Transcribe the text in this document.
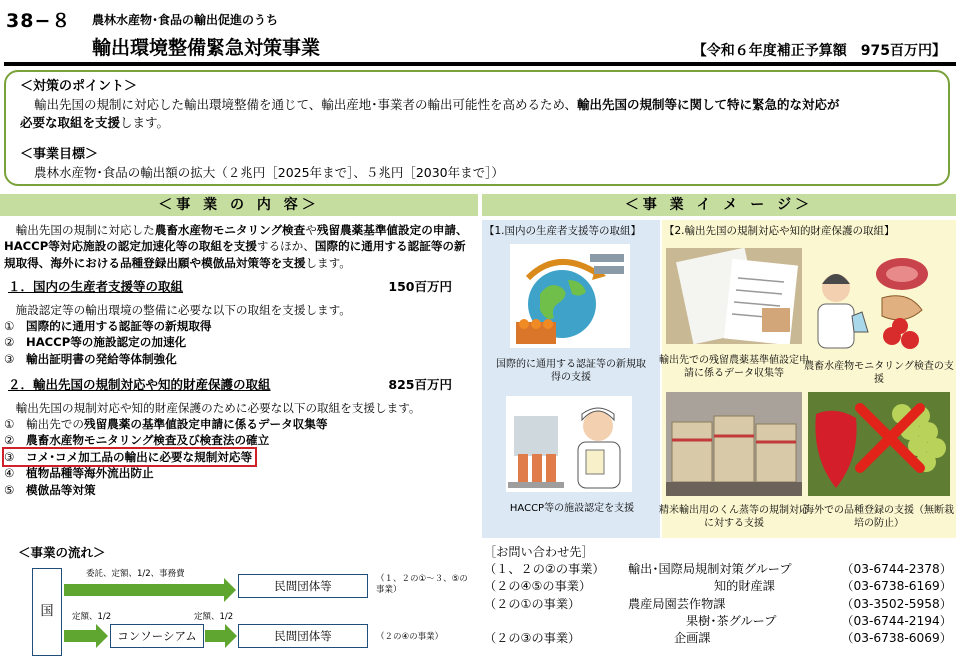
38−８ 農林水産物･食品の輸出促進のうち
輸出環境整備緊急対策事業	【令和６年度補正予算額　975百万円】
＜対策のポイント＞
輸出先国の規制に対応した輸出環境整備を通じて、輸出産地･事業者の輸出可能性を高めるため、輸出先国の規制等に関して特に緊急的な対応が
必要な取組を支援します。
＜事業目標＞
農林水産物･食品の輸出額の拡大（２兆円［2025年まで］、５兆円［2030年まで］）
＜事 業 の 内 容＞	＜事 業 イ メ ー ジ＞
輸出先国の規制に対応した農畜水産物モニタリング検査や残留農薬基準値設定の申請、HACCP等対応施設の認定加速化等の取組を支援するほか、国際的に通用する認証等の新規取得、海外における品種登録出願や模倣品対策等を支援します。
１．国内の生産者支援等の取組	150百万円
施設認定等の輸出環境の整備に必要な以下の取組を支援します。
① 国際的に通用する認証等の新規取得
② HACCP等の施設認定の加速化
③ 輸出証明書の発給等体制強化
２．輸出先国の規制対応や知的財産保護の取組	825百万円
輸出先国の規制対応や知的財産保護のために必要な以下の取組を支援します。
① 輸出先での残留農薬の基準値設定申請に係るデータ収集等
② 農畜水産物モニタリング検査及び検査法の確立
③ コメ･コメ加工品の輸出に必要な規制対応等
④ 植物品種等海外流出防止
⑤ 模倣品等対策
＜事業の流れ＞
国
委託、定額、1/2、事務費
民間団体等	（１、２の①～３、⑤の事業）
定額、1/2
コンソーシアム
定額、1/2
民間団体等	（２の④の事業）
【1.国内の生産者支援等の取組】
国際的に通用する認証等の新規取得の支援
HACCP等の施設認定を支援
【2.輸出先国の規制対応や知的財産保護の取組】
輸出先での残留農薬基準値設定申請に係るデータ収集等
農畜水産物モニタリング検査の支援
精米輸出用のくん蒸等の規制対応に対する支援
海外での品種登録の支援（無断栽培の防止）
［お問い合わせ先］
（１、２の②の事業） 輸出･国際局規制対策グループ	（03-6744-2378）
（２の④⑤の事業）	知的財産課	（03-6738-6169）
（２の①の事業）	農産局園芸作物課	（03-3502-5958）
果樹･茶グループ	（03-6744-2194）
（２の③の事業）	企画課	（03-6738-6069）
